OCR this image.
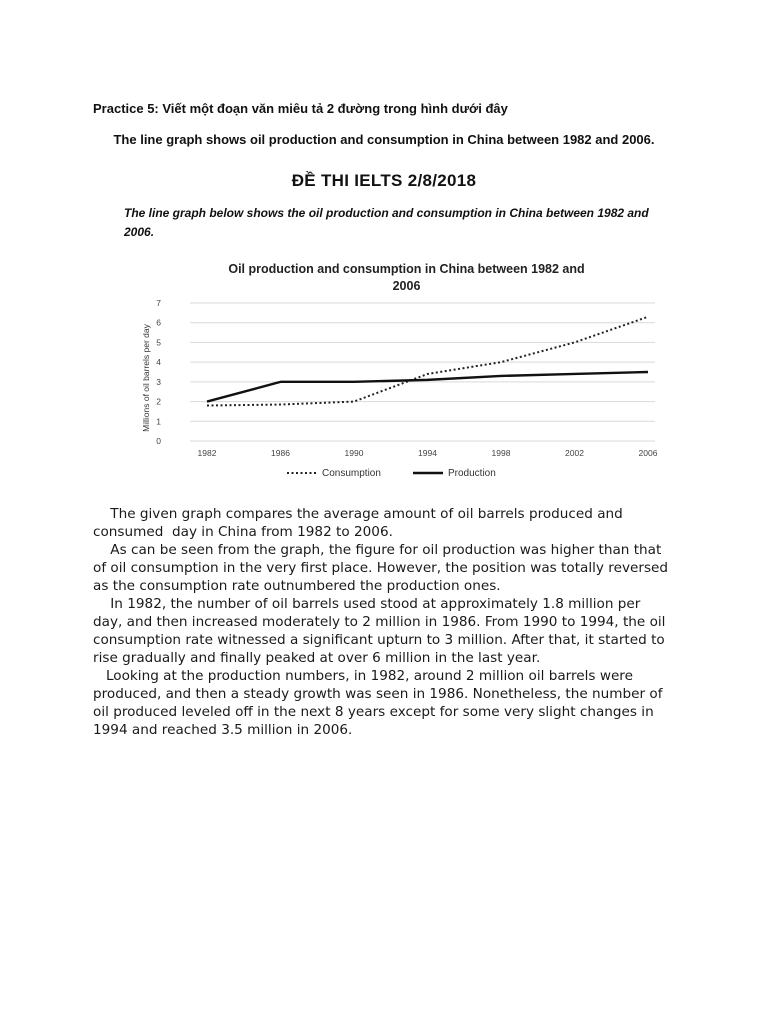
Practice 5: Viết một đoạn văn miêu tả 2 đường trong hình dưới đây

The line graph shows oil production and consumption in China between 1982 and 2006.

ĐỀ THI IELTS 2/8/2018

The line graph below shows the oil production and consumption in China between 1982 and 2006.

Oil production and consumption in China between 1982 and
2006
0
1
2
3
4
5
6
7
Millions of oil barrels per day
1982	1986	1990	1994	1998	2002	2006
Consumption	Production

The given graph compares the average amount of oil barrels produced and consumed  day in China from 1982 to 2006.

As can be seen from the graph, the figure for oil production was higher than that of oil consumption in the very first place. However, the position was totally reversed as the consumption rate outnumbered the production ones.

In 1982, the number of oil barrels used stood at approximately 1.8 million per day, and then increased moderately to 2 million in 1986. From 1990 to 1994, the oil consumption rate witnessed a significant upturn to 3 million. After that, it started to rise gradually and finally peaked at over 6 million in the last year.

Looking at the production numbers, in 1982, around 2 million oil barrels were produced, and then a steady growth was seen in 1986. Nonetheless, the number of oil produced leveled off in the next 8 years except for some very slight changes in 1994 and reached 3.5 million in 2006.
